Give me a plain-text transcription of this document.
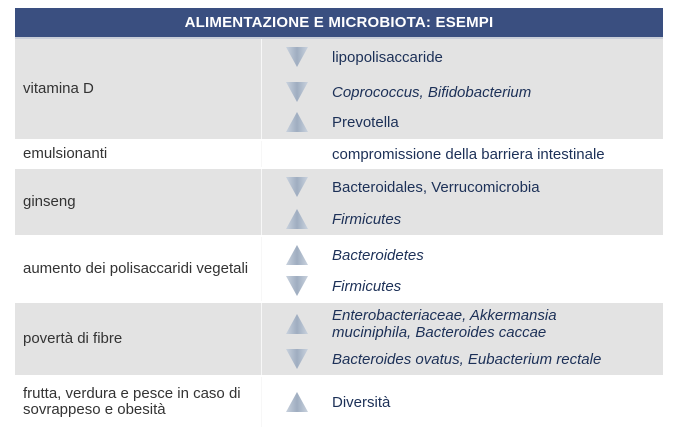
ALIMENTAZIONE E MICROBIOTA: ESEMPI
vitamina D
lipopolisaccaride
Coprococcus, Bifidobacterium
Prevotella
emulsionanti	compromissione della barriera intestinale
ginseng
Bacteroidales, Verrucomicrobia
Firmicutes
aumento dei polisaccaridi vegetali
Bacteroidetes
Firmicutes
povertà di fibre
Enterobacteriaceae, Akkermansia muciniphila, Bacteroides caccae
Bacteroides ovatus, Eubacterium rectale
frutta, verdura e pesce in caso di sovrappeso e obesità	Diversità
